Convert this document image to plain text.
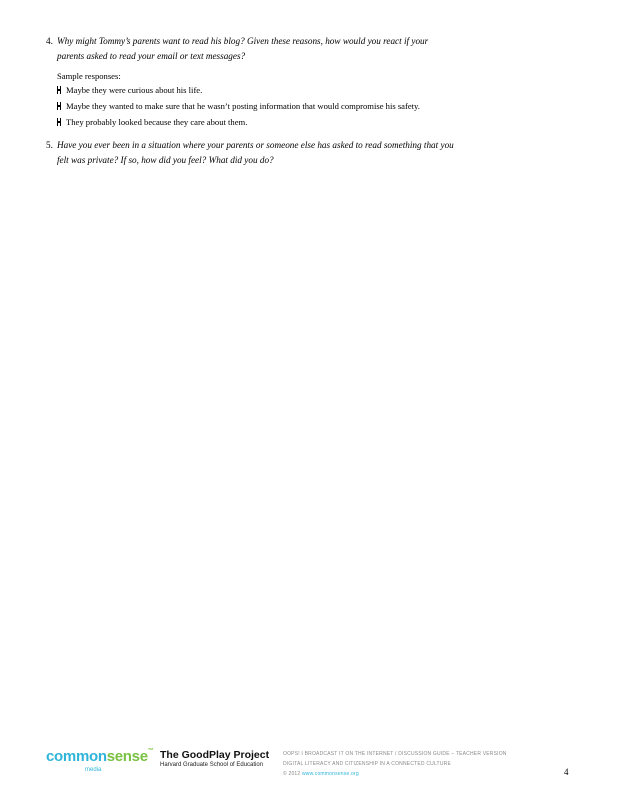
4. Why might Tommy’s parents want to read his blog? Given these reasons, how would you react if your
parents asked to read your email or text messages?
Sample responses:
Maybe they were curious about his life.
Maybe they wanted to make sure that he wasn’t posting information that would compromise his safety.
They probably looked because they care about them.
5. Have you ever been in a situation where your parents or someone else has asked to read something that you
felt was private? If so, how did you feel? What did you do?
commonsense™
media
The GoodPlay Project
Harvard Graduate School of Education
OOPS! I BROADCAST IT ON THE INTERNET / DISCUSSION GUIDE – TEACHER VERSION
DIGITAL LITERACY AND CITIZENSHIP IN A CONNECTED CULTURE
© 2012 www.commonsense.org	4
